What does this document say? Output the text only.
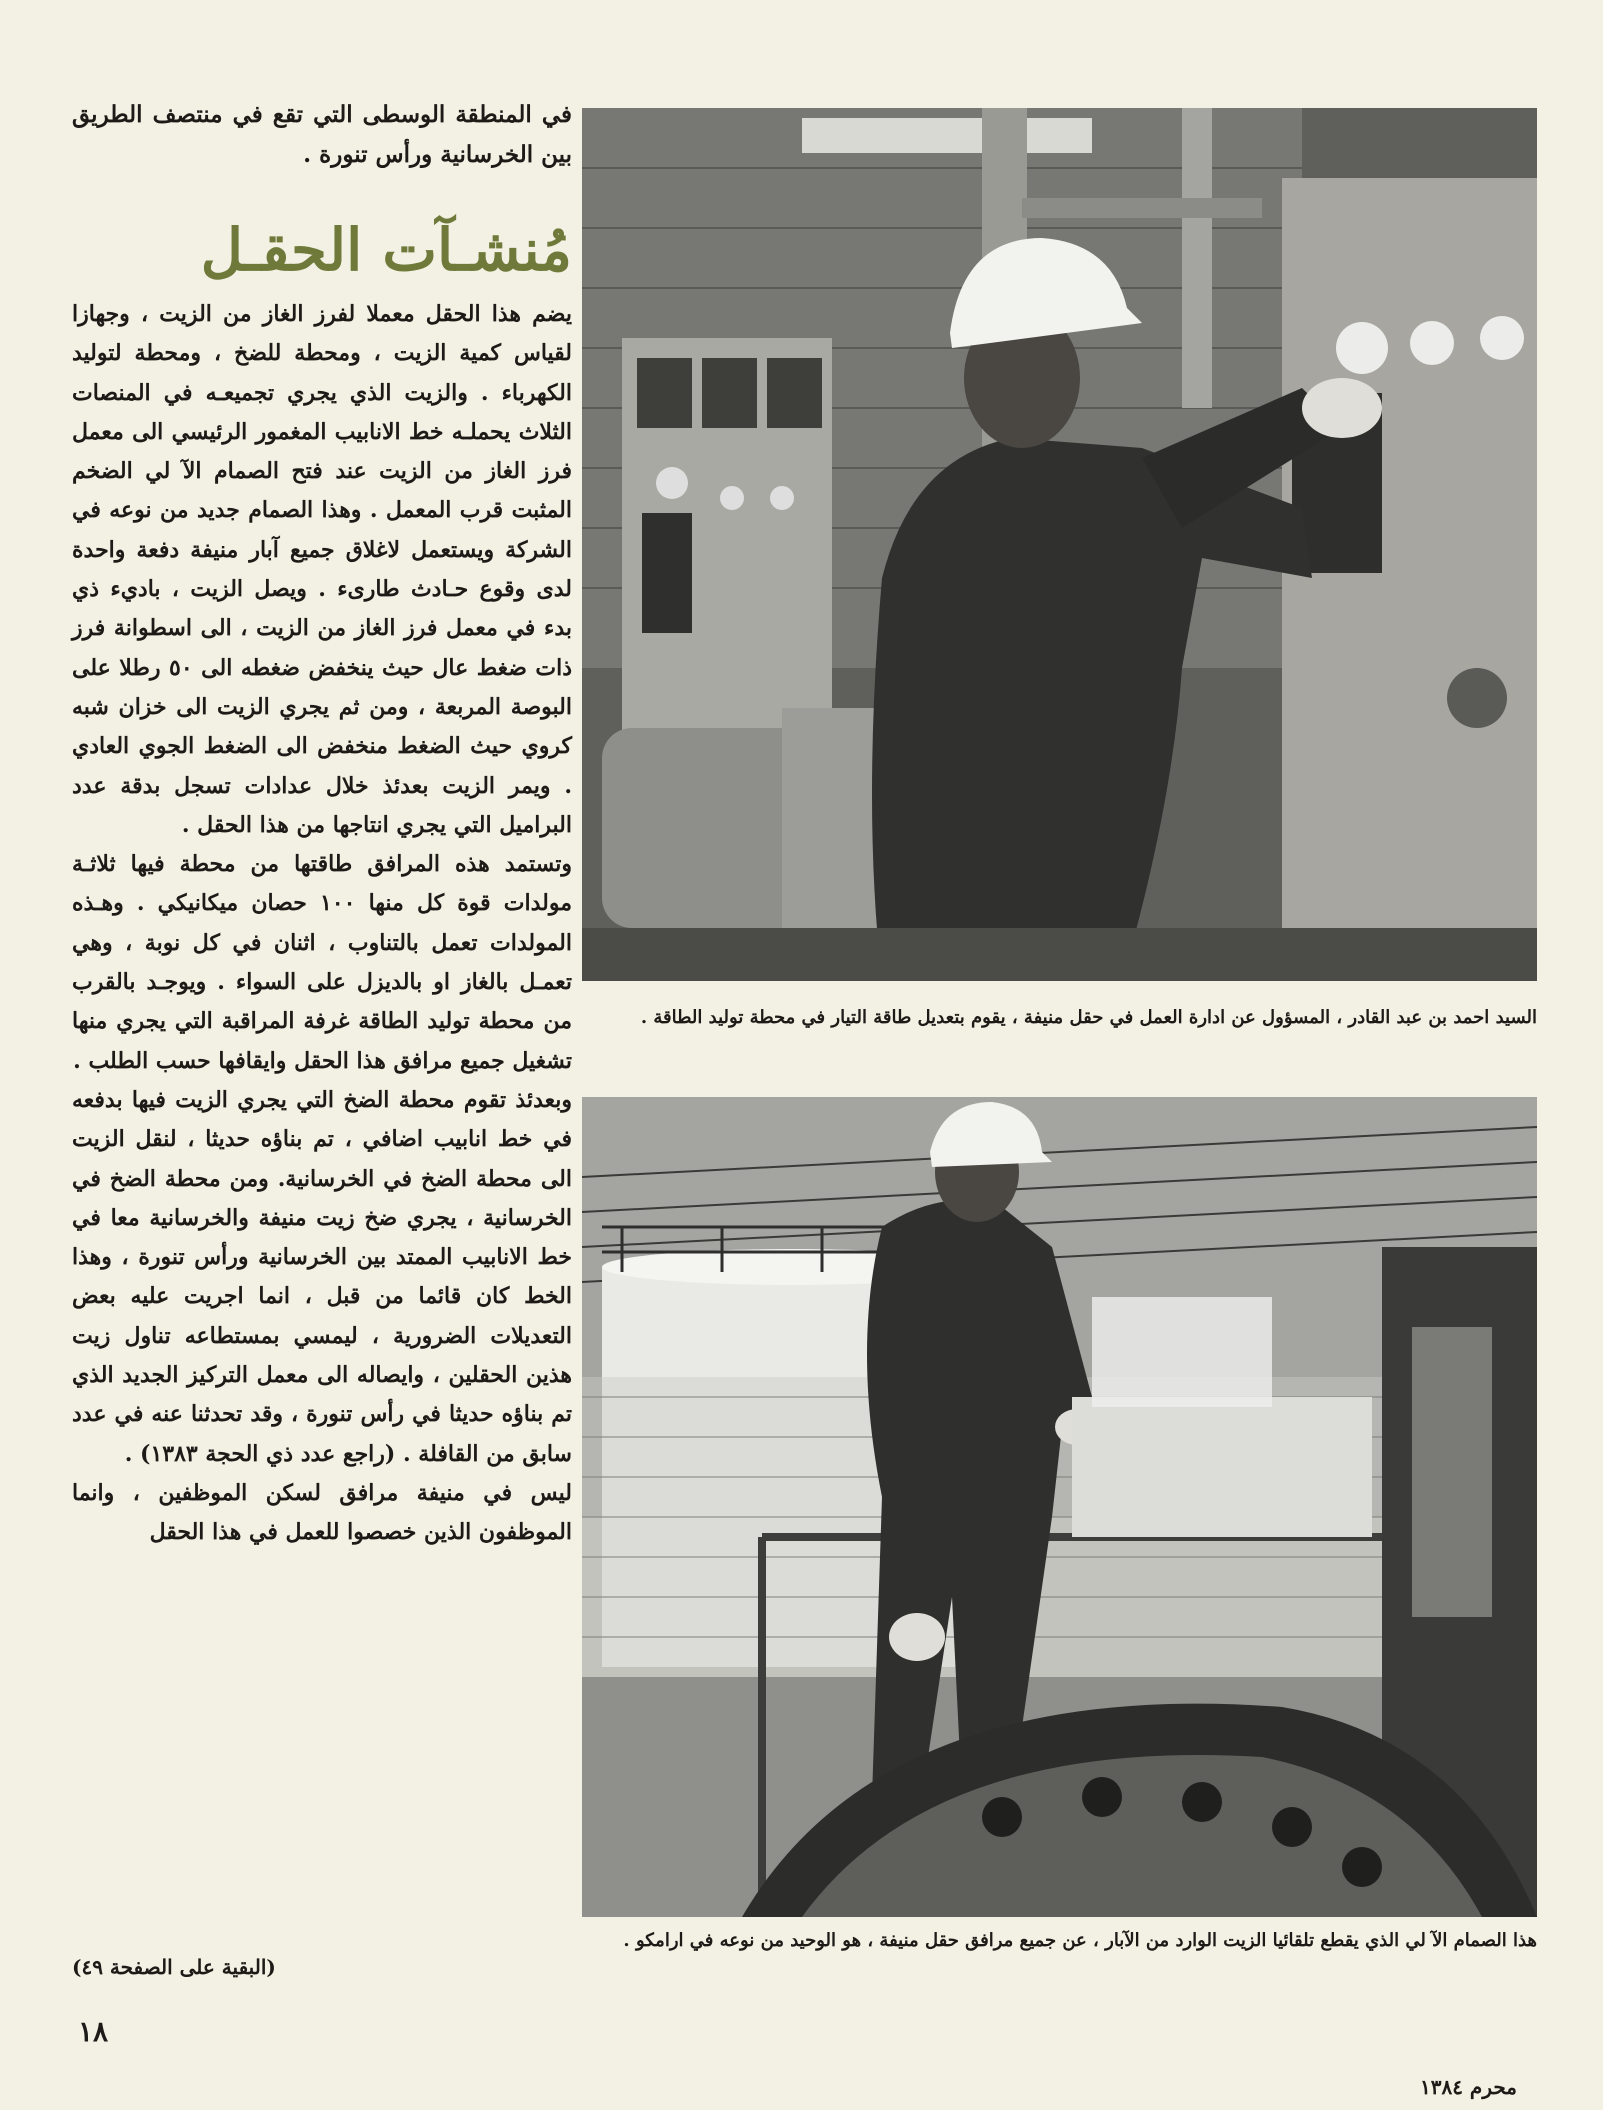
في المنطقة الوسطى التي تقع في منتصف الطريق بين الخرسانية ورأس تنورة .

مُنشـآت الحقـل

يضم هذا الحقل معملا لفرز الغاز من الزيت ، وجهازا لقياس كمية الزيت ، ومحطة للضخ ، ومحطة لتوليد الكهرباء . والزيت الذي يجري تجميعـه في المنصات الثلاث يحملـه خط الانابيب المغمور الرئيسي الى معمل فرز الغاز من الزيت عند فتح الصمام الآ لي الضخم المثبت قرب المعمل . وهذا الصمام جديد من نوعه في الشركة ويستعمل لاغلاق جميع آبار منيفة دفعة واحدة لدى وقوع حـادث طارىء . ويصل الزيت ، باديء ذي بدء في معمل فرز الغاز من الزيت ، الى اسطوانة فرز ذات ضغط عال حيث ينخفض ضغطه الى ٥٠ رطلا على البوصة المربعة ، ومن ثم يجري الزيت الى خزان شبه كروي حيث الضغط منخفض الى الضغط الجوي العادي . ويمر الزيت بعدئذ خلال عدادات تسجل بدقة عدد البراميل التي يجري انتاجها من هذا الحقل .

وتستمد هذه المرافق طاقتها من محطة فيها ثلاثـة مولدات قوة كل منها ١٠٠ حصان ميكانيكي . وهـذه المولدات تعمل بالتناوب ، اثنان في كل نوبة ، وهي تعمـل بالغاز او بالديزل على السواء . ويوجـد بالقرب من محطة توليد الطاقة غرفة المراقبة التي يجري منها تشغيل جميع مرافق هذا الحقل وايقافها حسب الطلب .

وبعدئذ تقوم محطة الضخ التي يجري الزيت فيها بدفعه في خط انابيب اضافي ، تم بناؤه حديثا ، لنقل الزيت الى محطة الضخ في الخرسانية. ومن محطة الضخ في الخرسانية ، يجري ضخ زيت منيفة والخرسانية معا في خط الانابيب الممتد بين الخرسانية ورأس تنورة ، وهذا الخط كان قائما من قبل ، انما اجريت عليه بعض التعديلات الضرورية ، ليمسي بمستطاعه تناول زيت هذين الحقلين ، وايصاله الى معمل التركيز الجديد الذي تم بناؤه حديثا في رأس تنورة ، وقد تحدثنا عنه في عدد سابق من القافلة . (راجع عدد ذي الحجة ١٣٨٣) .

ليس في منيفة مرافق لسكن الموظفين ، وانما الموظفون الذين خصصوا للعمل في هذا الحقل

(البقية على الصفحة ٤٩)
١٨
محرم ١٣٨٤
السيد احمد بن عبد القادر ، المسؤول عن ادارة العمل في حقل منيفة ، يقوم بتعديل طاقة التيار في محطة توليد الطاقة .
هذا الصمام الآ لي الذي يقطع تلقائيا الزيت الوارد من الآبار ، عن جميع مرافق حقل منيفة ، هو الوحيد من نوعه في ارامكو .
